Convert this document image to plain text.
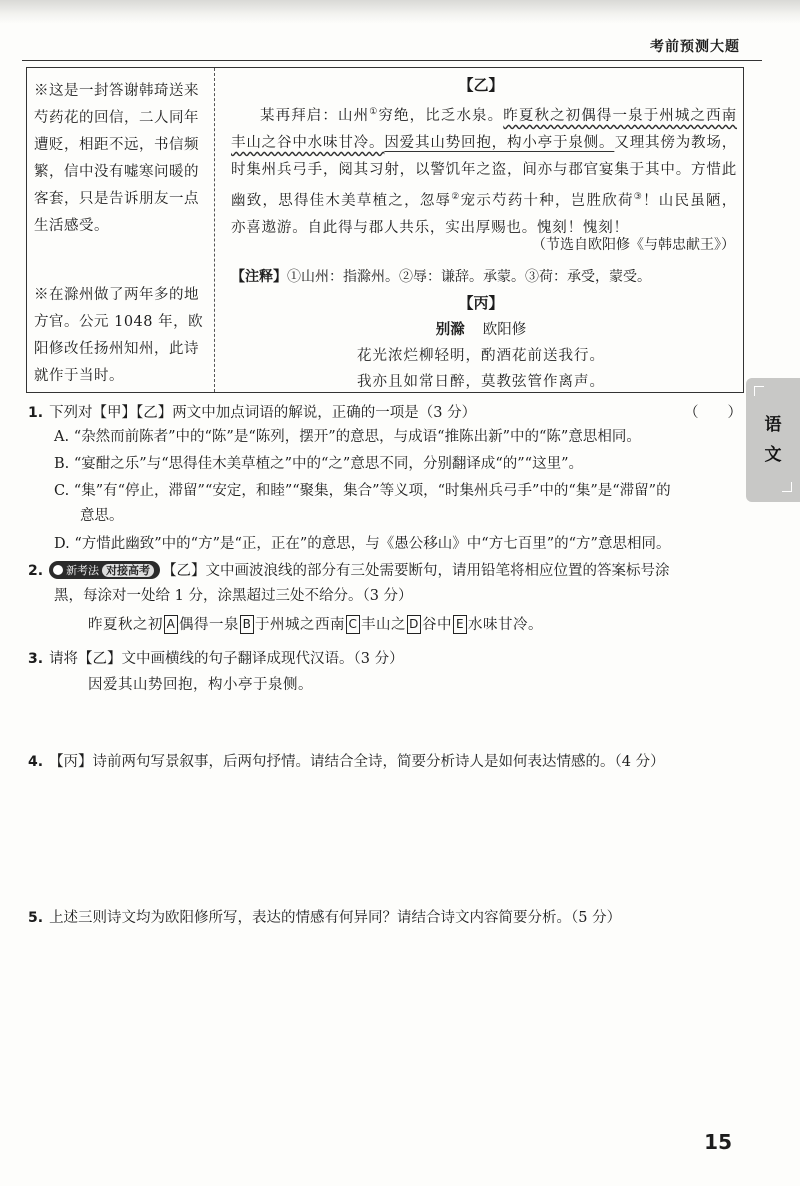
考前预测大题
※这是一封答谢韩琦送来芍药花的回信，二人同年遭贬，相距不远，书信频繁，信中没有嘘寒问暖的客套，只是告诉朋友一点生活感受。
※在滁州做了两年多的地方官。公元 1048 年，欧阳修改任扬州知州，此诗就作于当时。
【乙】
某再拜启：山州①穷绝，比乏水泉。昨夏秋之初偶得一泉于州城之西南丰山之谷中水味甘冷。因爱其山势回抱，构小亭于泉侧。又理其傍为教场，时集州兵弓手，阅其习射，以警饥年之盗，间亦与郡官宴集于其中。方惜此幽致，思得佳木美草植之，忽辱②宠示芍药十种，岂胜欣荷③！山民虽陋，亦喜遨游。自此得与郡人共乐，实出厚赐也。愧刻！愧刻！
（节选自欧阳修《与韩忠献王》）
【注释】①山州：指滁州。②辱：谦辞。承蒙。③荷：承受，蒙受。
【丙】
别滁 欧阳修
花光浓烂柳轻明，酌酒花前送我行。
我亦且如常日醉，莫教弦管作离声。
语
文
1. 下列对【甲】【乙】两文中加点词语的解说，正确的一项是（3 分）	（　　）
A. “杂然而前陈者”中的“陈”是“陈列，摆开”的意思，与成语“推陈出新”中的“陈”意思相同。
B. “宴酣之乐”与“思得佳木美草植之”中的“之”意思不同，分别翻译成“的”“这里”。
C. “集”有“停止，滞留”“安定，和睦”“聚集，集合”等义项，“时集州兵弓手”中的“集”是“滞留”的
意思。
D. “方惜此幽致”中的“方”是“正，正在”的意思，与《愚公移山》中“方七百里”的“方”意思相同。
2. 新考法 对接高考 【乙】文中画波浪线的部分有三处需要断句，请用铅笔将相应位置的答案标号涂
黑，每涂对一处给 1 分，涂黑超过三处不给分。（3 分）
昨夏秋之初 A 偶得一泉 B 于州城之西南 C 丰山之 D 谷中 E 水味甘冷。
3. 请将【乙】文中画横线的句子翻译成现代汉语。（3 分）
因爱其山势回抱，构小亭于泉侧。
4. 【丙】诗前两句写景叙事，后两句抒情。请结合全诗，简要分析诗人是如何表达情感的。（4 分）
5. 上述三则诗文均为欧阳修所写，表达的情感有何异同？请结合诗文内容简要分析。（5 分）
15
